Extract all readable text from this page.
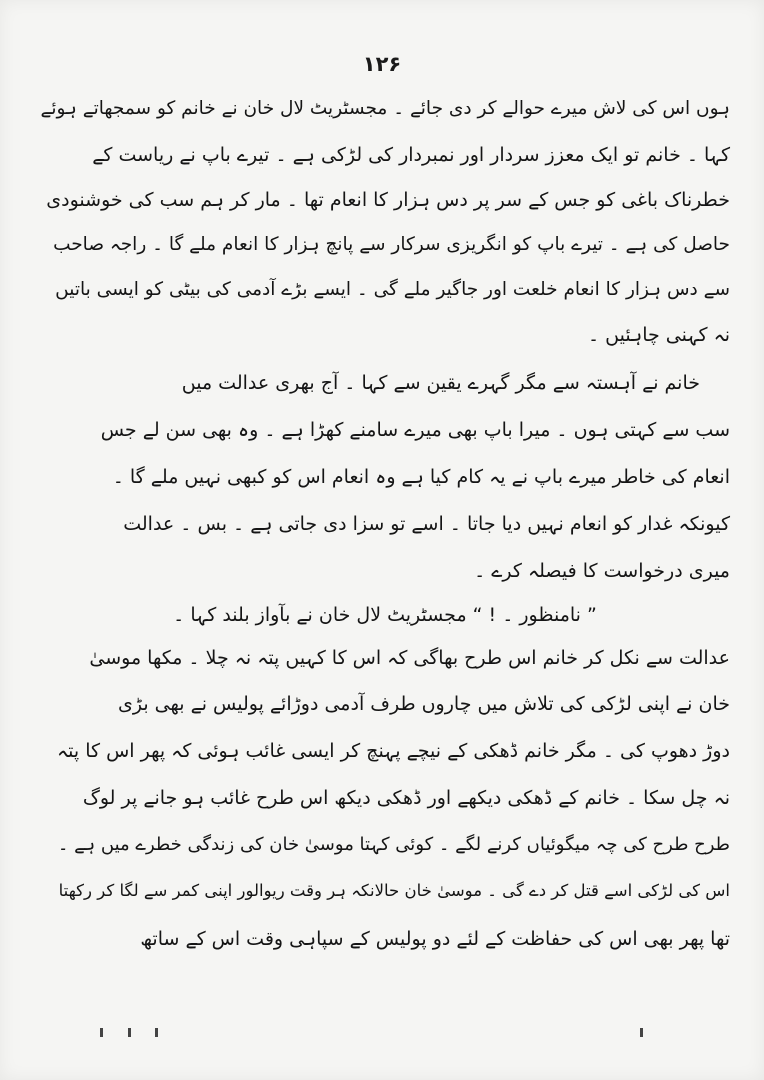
۱۲۶
ہوں اس کی لاش میرے حوالے کر دی جائے ۔ مجسٹریٹ لال خان نے خانم کو سمجھاتے ہوئے
کہا ۔ خانم تو ایک معزز سردار اور نمبردار کی لڑکی ہے ۔ تیرے باپ نے ریاست کے
خطرناک باغی کو جس کے سر پر دس ہزار کا انعام تھا ۔ مار کر ہم سب کی خوشنودی
حاصل کی ہے ۔ تیرے باپ کو انگریزی سرکار سے پانچ ہزار کا انعام ملے گا ۔ راجہ صاحب
سے دس ہزار کا انعام خلعت اور جاگیر ملے گی ۔ ایسے بڑے آدمی کی بیٹی کو ایسی باتیں
نہ کہنی چاہئیں ۔
خانم نے آہستہ سے مگر گہرے یقین سے کہا ۔ آج بھری عدالت میں
سب سے کہتی ہوں ۔ میرا باپ بھی میرے سامنے کھڑا ہے ۔ وہ بھی سن لے جس
انعام کی خاطر میرے باپ نے یہ کام کیا ہے وہ انعام اس کو کبھی نہیں ملے گا ۔
کیونکہ غدار کو انعام نہیں دیا جاتا ۔ اسے تو سزا دی جاتی ہے ۔ بس ۔ عدالت
میری درخواست کا فیصلہ کرے ۔
” نامنظور ۔ ! “ مجسٹریٹ لال خان نے بآواز بلند کہا ۔
عدالت سے نکل کر خانم اس طرح بھاگی کہ اس کا کہیں پتہ نہ چلا ۔ مکھا موسیٰ
خان نے اپنی لڑکی کی تلاش میں چاروں طرف آدمی دوڑائے پولیس نے بھی بڑی
دوڑ دھوپ کی ۔ مگر خانم ڈھکی کے نیچے پہنچ کر ایسی غائب ہوئی کہ پھر اس کا پتہ
نہ چل سکا ۔ خانم کے ڈھکی دیکھے اور ڈھکی دیکھ اس طرح غائب ہو جانے پر لوگ
طرح طرح کی چہ میگوئیاں کرنے لگے ۔ کوئی کہتا موسیٰ خان کی زندگی خطرے میں ہے ۔
اس کی لڑکی اسے قتل کر دے گی ۔ موسیٰ خان حالانکہ ہر وقت ریوالور اپنی کمر سے لگا کر رکھتا
تھا پھر بھی اس کی حفاظت کے لئے دو پولیس کے سپاہی وقت اس کے ساتھ
